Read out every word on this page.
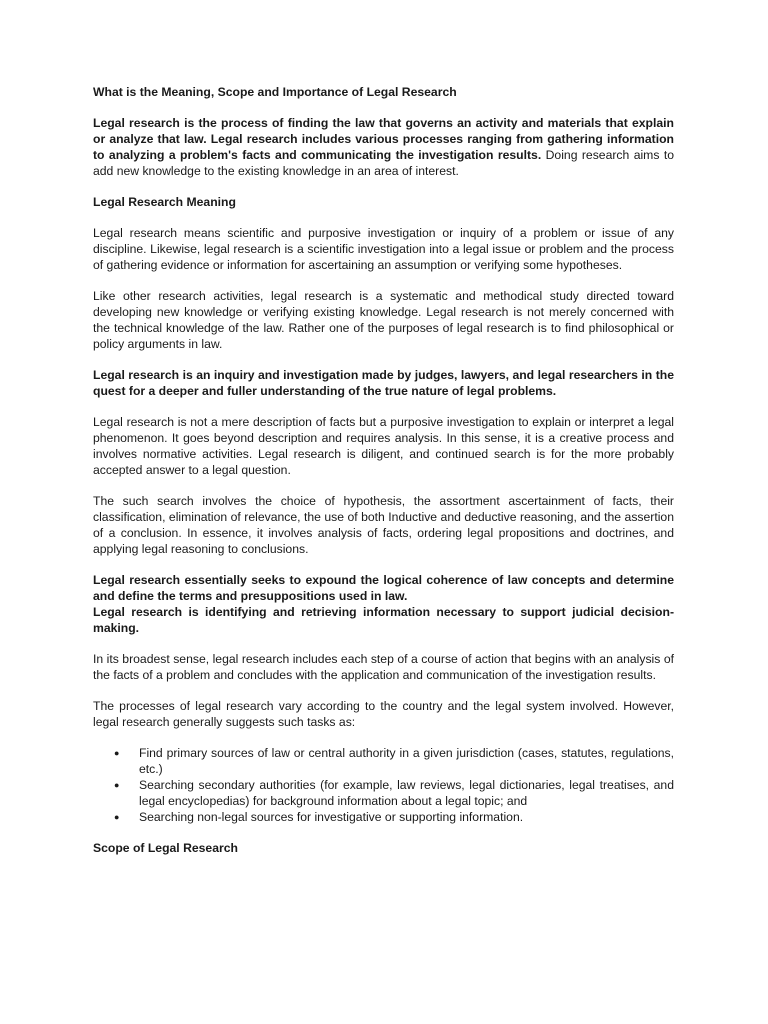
What is the Meaning, Scope and Importance of Legal Research

Legal research is the process of finding the law that governs an activity and materials that explain or analyze that law. Legal research includes various processes ranging from gathering information to analyzing a problem's facts and communicating the investigation results. Doing research aims to add new knowledge to the existing knowledge in an area of interest.

Legal Research Meaning

Legal research means scientific and purposive investigation or inquiry of a problem or issue of any discipline. Likewise, legal research is a scientific investigation into a legal issue or problem and the process of gathering evidence or information for ascertaining an assumption or verifying some hypotheses.

Like other research activities, legal research is a systematic and methodical study directed toward developing new knowledge or verifying existing knowledge. Legal research is not merely concerned with the technical knowledge of the law. Rather one of the purposes of legal research is to find philosophical or policy arguments in law.

Legal research is an inquiry and investigation made by judges, lawyers, and legal researchers in the quest for a deeper and fuller understanding of the true nature of legal problems.

Legal research is not a mere description of facts but a purposive investigation to explain or interpret a legal phenomenon. It goes beyond description and requires analysis. In this sense, it is a creative process and involves normative activities. Legal research is diligent, and continued search is for the more probably accepted answer to a legal question.

The such search involves the choice of hypothesis, the assortment ascertainment of facts, their classification, elimination of relevance, the use of both Inductive and deductive reasoning, and the assertion of a conclusion. In essence, it involves analysis of facts, ordering legal propositions and doctrines, and applying legal reasoning to conclusions.

Legal research essentially seeks to expound the logical coherence of law concepts and determine and define the terms and presuppositions used in law.

Legal research is identifying and retrieving information necessary to support judicial decision-making.

In its broadest sense, legal research includes each step of a course of action that begins with an analysis of the facts of a problem and concludes with the application and communication of the investigation results.

The processes of legal research vary according to the country and the legal system involved. However, legal research generally suggests such tasks as:

● Find primary sources of law or central authority in a given jurisdiction (cases, statutes, regulations, etc.)
● Searching secondary authorities (for example, law reviews, legal dictionaries, legal treatises, and legal encyclopedias) for background information about a legal topic; and
● Searching non-legal sources for investigative or supporting information.

Scope of Legal Research
